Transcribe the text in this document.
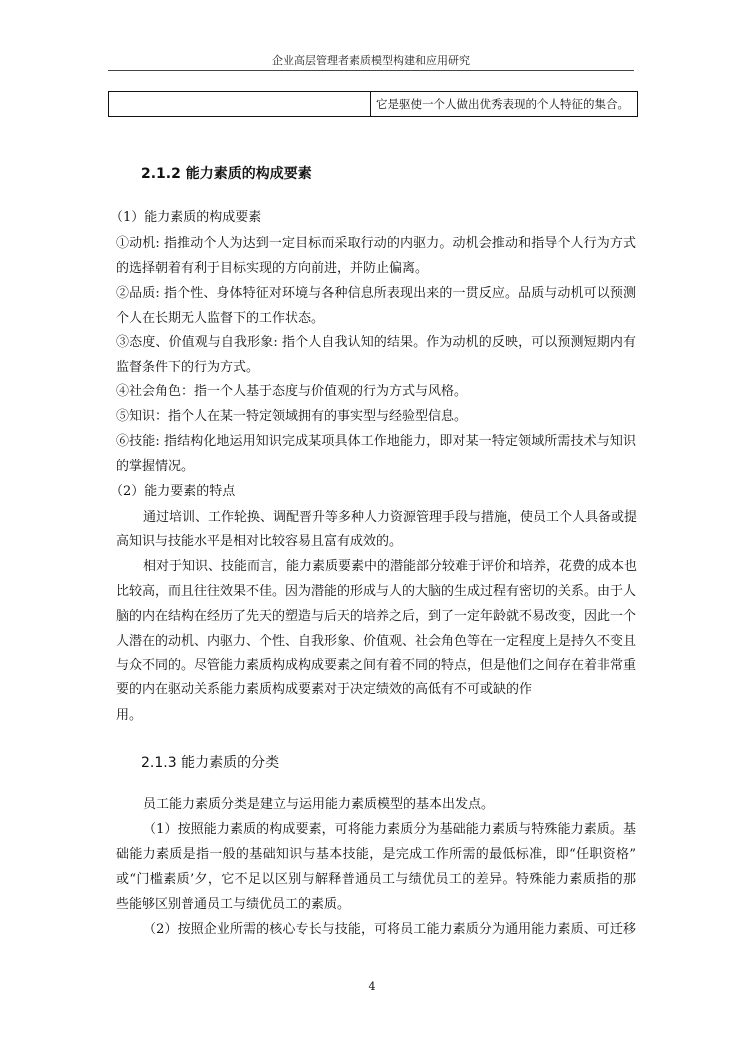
企业高层管理者素质模型构建和应用研究
它是驱使一个人做出优秀表现的个人特征的集合。
2.1.2 能力素质的构成要素
（1）能力素质的构成要素
①动机: 指推动个人为达到一定目标而采取行动的内驱力。动机会推动和指导个人行为方式
的选择朝着有利于目标实现的方向前进，并防止偏离。
②品质: 指个性、身体特征对环境与各种信息所表现出来的一贯反应。品质与动机可以预测
个人在长期无人监督下的工作状态。
③态度、价值观与自我形象: 指个人自我认知的结果。作为动机的反映，可以预测短期内有
监督条件下的行为方式。
④社会角色：指一个人基于态度与价值观的行为方式与风格。
⑤知识：指个人在某一特定领域拥有的事实型与经验型信息。
⑥技能: 指结构化地运用知识完成某项具体工作地能力，即对某一特定领域所需技术与知识
的掌握情况。
（2）能力要素的特点
通过培训、工作轮换、调配晋升等多种人力资源管理手段与措施，使员工个人具备或提
高知识与技能水平是相对比较容易且富有成效的。
相对于知识、技能而言，能力素质要素中的潜能部分较难于评价和培养，花费的成本也
比较高，而且往往效果不佳。因为潜能的形成与人的大脑的生成过程有密切的关系。由于人
脑的内在结构在经历了先天的塑造与后天的培养之后，到了一定年龄就不易改变，因此一个
人潜在的动机、内驱力、个性、自我形象、价值观、社会角色等在一定程度上是持久不变且
与众不同的。尽管能力素质构成构成要素之间有着不同的特点，但是他们之间存在着非常重
要的内在驱动关系能力素质构成要素对于决定绩效的高低有不可或缺的作
用。
2.1.3 能力素质的分类
员工能力素质分类是建立与运用能力素质模型的基本出发点。
（1）按照能力素质的构成要素，可将能力素质分为基础能力素质与特殊能力素质。基
础能力素质是指一般的基础知识与基本技能，是完成工作所需的最低标准，即“任职资格”
或“门槛素质’夕，它不足以区别与解释普通员工与绩优员工的差异。特殊能力素质指的那
些能够区别普通员工与绩优员工的素质。
（2）按照企业所需的核心专长与技能，可将员工能力素质分为通用能力素质、可迁移
4
